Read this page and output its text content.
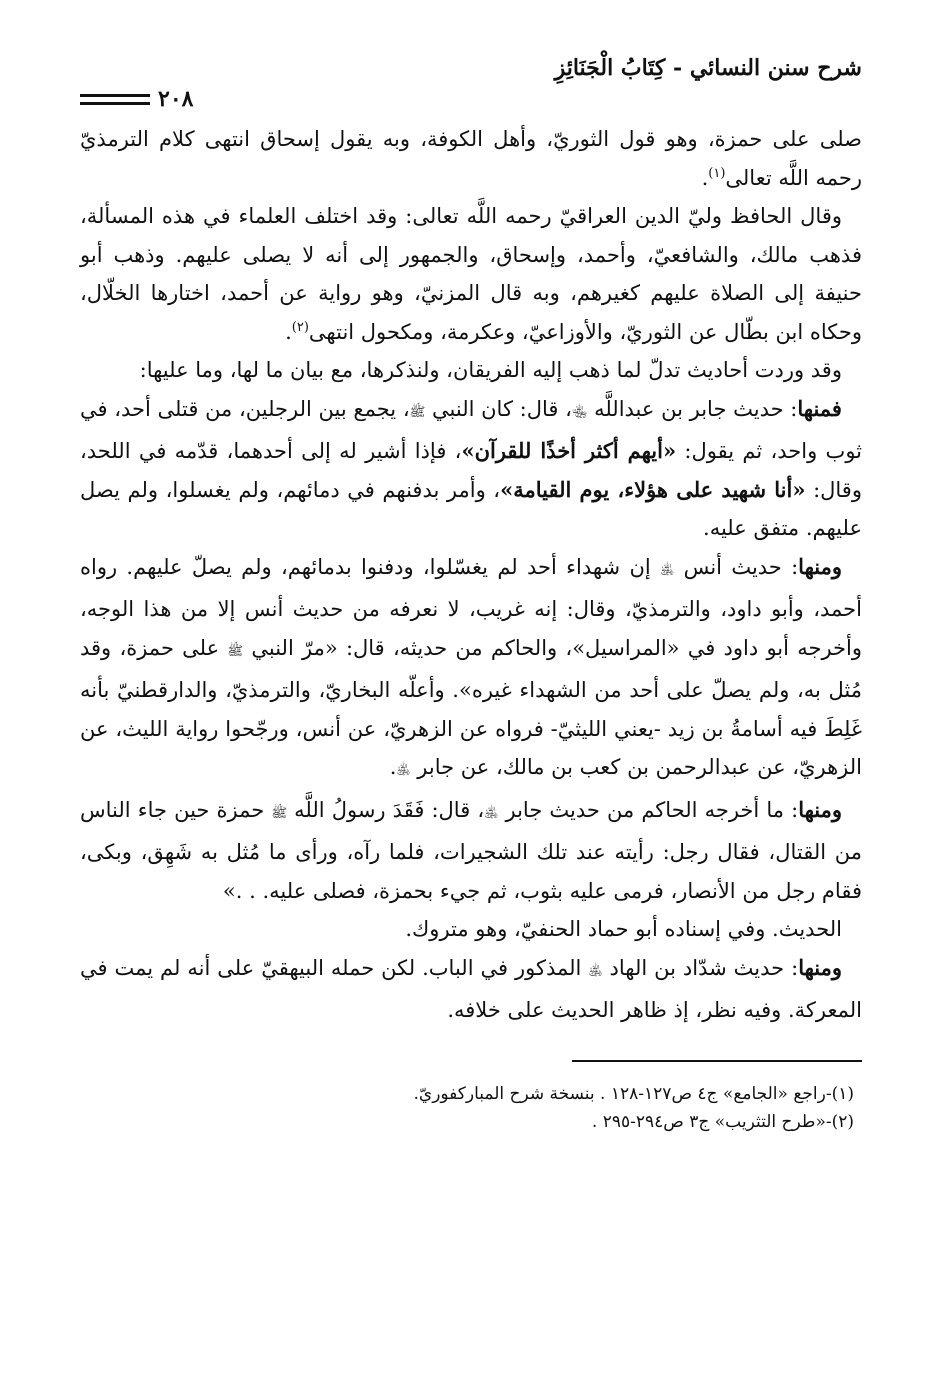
شرح سنن النسائي - كِتَابُ الْجَنَائِزِ
٢٠٨

صلى على حمزة، وهو قول الثوريّ، وأهل الكوفة، وبه يقول إسحاق انتهى كلام الترمذيّ رحمه اللَّه تعالى$^{(١)}$.

وقال الحافظ وليّ الدين العراقيّ رحمه اللَّه تعالى: وقد اختلف العلماء في هذه المسألة، فذهب مالك، والشافعيّ، وأحمد، وإسحاق، والجمهور إلى أنه لا يصلى عليهم. وذهب أبو حنيفة إلى الصلاة عليهم كغيرهم، وبه قال المزنيّ، وهو رواية عن أحمد، اختارها الخلّال، وحكاه ابن بطّال عن الثوريّ، والأوزاعيّ، وعكرمة، ومكحول انتهى$^{(٢)}$.

وقد وردت أحاديث تدلّ لما ذهب إليه الفريقان، ولنذكرها، مع بيان ما لها، وما عليها:

فمنها: حديث جابر بن عبداللَّه ﵄، قال: كان النبي ﷺ، يجمع بين الرجلين، من قتلى أحد، في ثوب واحد، ثم يقول: «أيهم أكثر أخذًا للقرآن»، فإذا أشير له إلى أحدهما، قدّمه في اللحد، وقال: «أنا شهيد على هؤلاء، يوم القيامة»، وأمر بدفنهم في دمائهم، ولم يغسلوا، ولم يصل عليهم. متفق عليه.

ومنها: حديث أنس ﵁ إن شهداء أحد لم يغسّلوا، ودفنوا بدمائهم، ولم يصلّ عليهم. رواه أحمد، وأبو داود، والترمذيّ، وقال: إنه غريب، لا نعرفه من حديث أنس إلا من هذا الوجه، وأخرجه أبو داود في «المراسيل»، والحاكم من حديثه، قال: «مرّ النبي ﷺ على حمزة، وقد مُثل به، ولم يصلّ على أحد من الشهداء غيره». وأعلّه البخاريّ، والترمذيّ، والدارقطنيّ بأنه غَلِطَ فيه أسامةُ بن زيد -يعني الليثيّ- فرواه عن الزهريّ، عن أنس، ورجّحوا رواية الليث، عن الزهريّ، عن عبدالرحمن بن كعب بن مالك، عن جابر ﵁.

ومنها: ما أخرجه الحاكم من حديث جابر ﵁، قال: فَقَدَ رسولُ اللَّه ﷺ حمزة حين جاء الناس من القتال، فقال رجل: رأيته عند تلك الشجيرات، فلما رآه، ورأى ما مُثل به شَهِق، وبكى، فقام رجل من الأنصار، فرمى عليه بثوب، ثم جيء بحمزة، فصلى عليه. . .»

الحديث. وفي إسناده أبو حماد الحنفيّ، وهو متروك.

ومنها: حديث شدّاد بن الهاد ﵁ المذكور في الباب. لكن حمله البيهقيّ على أنه لم يمت في المعركة. وفيه نظر، إذ ظاهر الحديث على خلافه.

(١)-راجع «الجامع» ج٤ ص١٢٧-١٢٨ . بنسخة شرح المباركفوريّ.
(٢)-«طرح التثريب» ج٣ ص٢٩٤-٢٩٥ .
